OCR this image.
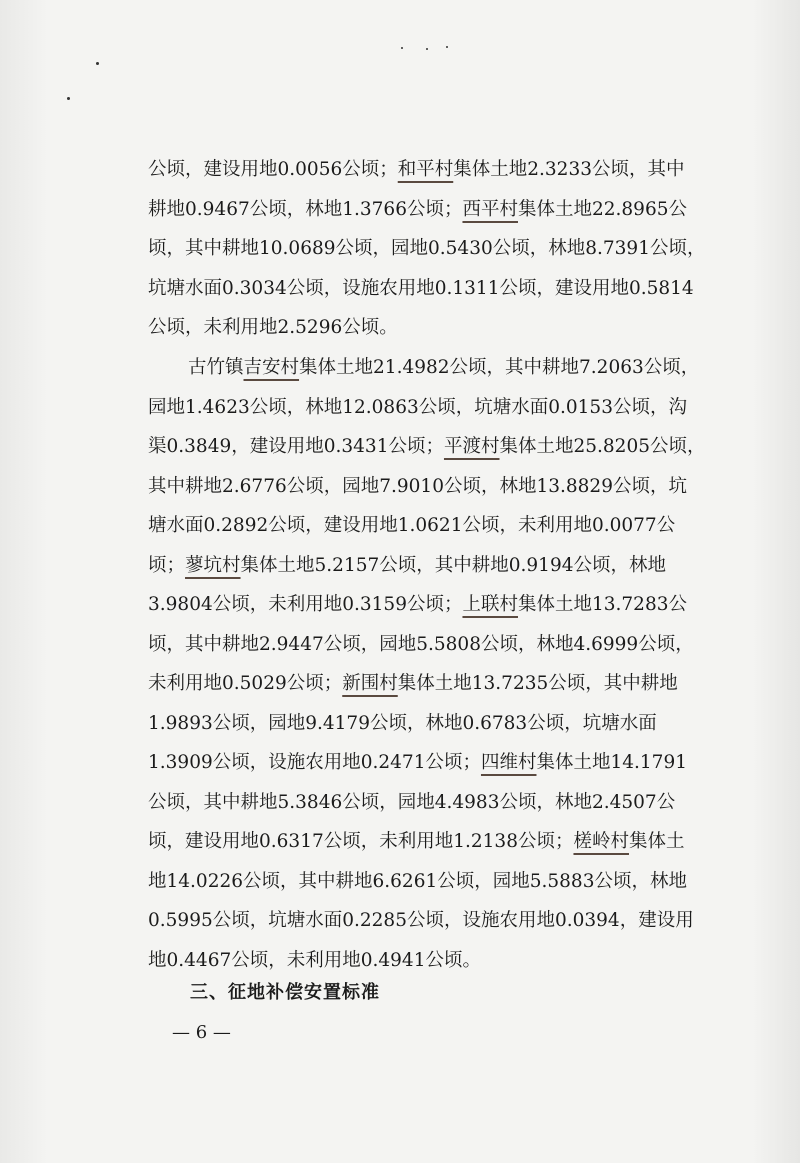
公顷，建设用地0.0056公顷；和平村集体土地2.3233公顷，其中
耕地0.9467公顷，林地1.3766公顷；西平村集体土地22.8965公
顷，其中耕地10.0689公顷，园地0.5430公顷，林地8.7391公顷，
坑塘水面0.3034公顷，设施农用地0.1311公顷，建设用地0.5814
公顷，未利用地2.5296公顷。

古竹镇吉安村集体土地21.4982公顷，其中耕地7.2063公顷，
园地1.4623公顷，林地12.0863公顷，坑塘水面0.0153公顷，沟
渠0.3849，建设用地0.3431公顷；平渡村集体土地25.8205公顷，
其中耕地2.6776公顷，园地7.9010公顷，林地13.8829公顷，坑
塘水面0.2892公顷，建设用地1.0621公顷，未利用地0.0077公
顷；蓼坑村集体土地5.2157公顷，其中耕地0.9194公顷，林地
3.9804公顷，未利用地0.3159公顷；上联村集体土地13.7283公
顷，其中耕地2.9447公顷，园地5.5808公顷，林地4.6999公顷，
未利用地0.5029公顷；新围村集体土地13.7235公顷，其中耕地
1.9893公顷，园地9.4179公顷，林地0.6783公顷，坑塘水面
1.3909公顷，设施农用地0.2471公顷；四维村集体土地14.1791
公顷，其中耕地5.3846公顷，园地4.4983公顷，林地2.4507公
顷，建设用地0.6317公顷，未利用地1.2138公顷；槎岭村集体土
地14.0226公顷，其中耕地6.6261公顷，园地5.5883公顷，林地
0.5995公顷，坑塘水面0.2285公顷，设施农用地0.0394，建设用
地0.4467公顷，未利用地0.4941公顷。

三、征地补偿安置标准

— 6 —
